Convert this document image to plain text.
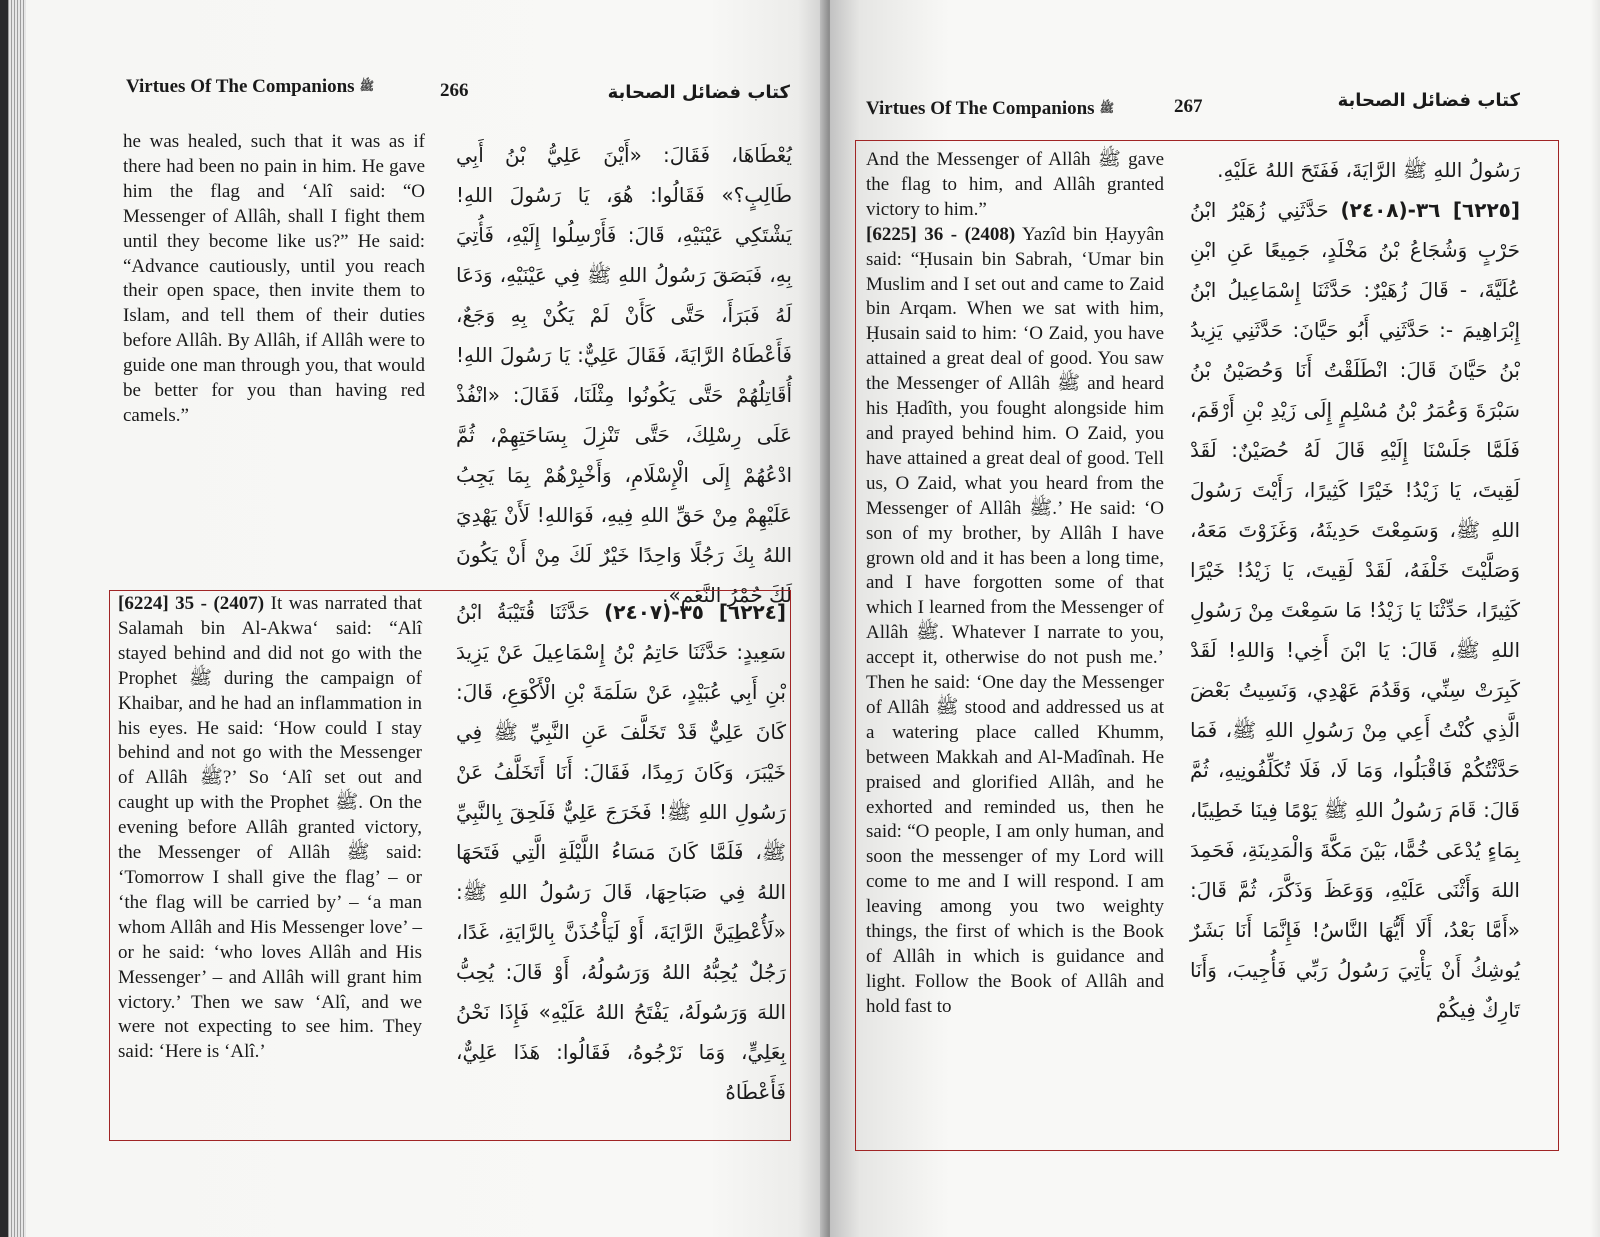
Virtues Of The Companions ﷺ	266	كتاب فضائل الصحابة

he was healed, such that it was as if there had been no pain in him. He gave him the flag and ‘Alî said: “O Messenger of Allâh, shall I fight them until they become like us?” He said: “Advance cautiously, until you reach their open space, then invite them to Islam, and tell them of their duties before Allâh. By Allâh, if Allâh were to guide one man through you, that would be better for you than having red camels.”

يُعْطَاهَا، فَقَالَ: «أَيْنَ عَلِيُّ بْنُ أَبِي طَالِبٍ؟» فَقَالُوا: هُوَ، يَا رَسُولَ اللهِ! يَشْتَكِي عَيْنَيْهِ، قَالَ: فَأَرْسِلُوا إِلَيْهِ، فَأُتِيَ بِهِ، فَبَصَقَ رَسُولُ اللهِ ﷺ فِي عَيْنَيْهِ، وَدَعَا لَهُ فَبَرَأَ، حَتَّى كَأَنْ لَمْ يَكُنْ بِهِ وَجَعٌ، فَأَعْطَاهُ الرَّايَةَ، فَقَالَ عَلِيٌّ: يَا رَسُولَ اللهِ! أُقَاتِلُهُمْ حَتَّى يَكُونُوا مِثْلَنَا، فَقَالَ: «انْفُذْ عَلَى رِسْلِكَ، حَتَّى تَنْزِلَ بِسَاحَتِهِمْ، ثُمَّ ادْعُهُمْ إِلَى الْإِسْلَامِ، وَأَخْبِرْهُمْ بِمَا يَجِبُ عَلَيْهِمْ مِنْ حَقِّ اللهِ فِيهِ، فَوَاللهِ! لَأَنْ يَهْدِيَ اللهُ بِكَ رَجُلًا وَاحِدًا خَيْرٌ لَكَ مِنْ أَنْ يَكُونَ لَكَ حُمْرُ النَّعَمِ».

[6224] 35 - (2407) It was narrated that Salamah bin Al-Akwa‘ said: “Alî stayed behind and did not go with the Prophet ﷺ during the campaign of Khaibar, and he had an inflammation in his eyes. He said: ‘How could I stay behind and not go with the Messenger of Allâh ﷺ?’ So ‘Alî set out and caught up with the Prophet ﷺ. On the evening before Allâh granted victory, the Messenger of Allâh ﷺ said: ‘Tomorrow I shall give the flag’ – or ‘the flag will be carried by’ – ‘a man whom Allâh and His Messenger love’ – or he said: ‘who loves Allâh and His Messenger’ – and Allâh will grant him victory.’ Then we saw ‘Alî, and we were not expecting to see him. They said: ‘Here is ‘Alî.’

[٦٢٢٤] ٣٥-(٢٤٠٧) حَدَّثَنَا قُتَيْبَةُ ابْنُ سَعِيدٍ: حَدَّثَنَا حَاتِمُ بْنُ إِسْمَاعِيلَ عَنْ يَزِيدَ بْنِ أَبِي عُبَيْدٍ، عَنْ سَلَمَةَ بْنِ الْأَكْوَعِ، قَالَ: كَانَ عَلِيٌّ قَدْ تَخَلَّفَ عَنِ النَّبِيِّ ﷺ فِي خَيْبَرَ، وَكَانَ رَمِدًا، فَقَالَ: أَنَا أَتَخَلَّفُ عَنْ رَسُولِ اللهِ ﷺ! فَخَرَجَ عَلِيٌّ فَلَحِقَ بِالنَّبِيِّ ﷺ، فَلَمَّا كَانَ مَسَاءُ اللَّيْلَةِ الَّتِي فَتَحَهَا اللهُ فِي صَبَاحِهَا، قَالَ رَسُولُ اللهِ ﷺ: «لَأُعْطِيَنَّ الرَّايَةَ، أَوْ لَيَأْخُذَنَّ بِالرَّايَةِ، غَدًا، رَجُلٌ يُحِبُّهُ اللهُ وَرَسُولُهُ، أَوْ قَالَ: يُحِبُّ اللهَ وَرَسُولَهُ، يَفْتَحُ اللهُ عَلَيْهِ» فَإِذَا نَحْنُ بِعَلِيٍّ، وَمَا نَرْجُوهُ، فَقَالُوا: هَذَا عَلِيٌّ، فَأَعْطَاهُ

Virtues Of The Companions ﷺ	267	كتاب فضائل الصحابة

And the Messenger of Allâh ﷺ gave the flag to him, and Allâh granted victory to him.”

[6225] 36 - (2408) Yazîd bin Ḥayyân said: “Ḥusain bin Sabrah, ‘Umar bin Muslim and I set out and came to Zaid bin Arqam. When we sat with him, Ḥusain said to him: ‘O Zaid, you have attained a great deal of good. You saw the Messenger of Allâh ﷺ and heard his Ḥadîth, you fought alongside him and prayed behind him. O Zaid, you have attained a great deal of good. Tell us, O Zaid, what you heard from the Messenger of Allâh ﷺ.’ He said: ‘O son of my brother, by Allâh I have grown old and it has been a long time, and I have forgotten some of that which I learned from the Messenger of Allâh ﷺ. Whatever I narrate to you, accept it, otherwise do not push me.’ Then he said: ‘One day the Messenger of Allâh ﷺ stood and addressed us at a watering place called Khumm, between Makkah and Al-Madînah. He praised and glorified Allâh, and he exhorted and reminded us, then he said: “O people, I am only human, and soon the messenger of my Lord will come to me and I will respond. I am leaving among you two weighty things, the first of which is the Book of Allâh in which is guidance and light. Follow the Book of Allâh and hold fast to

رَسُولُ اللهِ ﷺ الرَّايَةَ، فَفَتَحَ اللهُ عَلَيْهِ.

[٦٢٢٥] ٣٦-(٢٤٠٨) حَدَّثَنِي زُهَيْرُ ابْنُ حَرْبٍ وَشُجَاعُ بْنُ مَخْلَدٍ، جَمِيعًا عَنِ ابْنِ عُلَيَّةَ، - قَالَ زُهَيْرٌ: حَدَّثَنَا إِسْمَاعِيلُ ابْنُ إِبْرَاهِيمَ -: حَدَّثَنِي أَبُو حَيَّانَ: حَدَّثَنِي يَزِيدُ بْنُ حَيَّانَ قَالَ: انْطَلَقْتُ أَنَا وَحُصَيْنُ بْنُ سَبْرَةَ وَعُمَرُ بْنُ مُسْلِمٍ إِلَى زَيْدِ بْنِ أَرْقَمَ، فَلَمَّا جَلَسْنَا إِلَيْهِ قَالَ لَهُ حُصَيْنٌ: لَقَدْ لَقِيتَ، يَا زَيْدُ! خَيْرًا كَثِيرًا، رَأَيْتَ رَسُولَ اللهِ ﷺ، وَسَمِعْتَ حَدِيثَهُ، وَغَزَوْتَ مَعَهُ، وَصَلَّيْتَ خَلْفَهُ، لَقَدْ لَقِيتَ، يَا زَيْدُ! خَيْرًا كَثِيرًا، حَدِّثْنَا يَا زَيْدُ! مَا سَمِعْتَ مِنْ رَسُولِ اللهِ ﷺ، قَالَ: يَا ابْنَ أَخِي! وَاللهِ! لَقَدْ كَبِرَتْ سِنِّي، وَقَدُمَ عَهْدِي، وَنَسِيتُ بَعْضَ الَّذِي كُنْتُ أَعِي مِنْ رَسُولِ اللهِ ﷺ، فَمَا حَدَّثْتُكُمْ فَاقْبَلُوا، وَمَا لَا، فَلَا تُكَلِّفُونِيهِ، ثُمَّ قَالَ: قَامَ رَسُولُ اللهِ ﷺ يَوْمًا فِينَا خَطِيبًا، بِمَاءٍ يُدْعَى خُمًّا، بَيْنَ مَكَّةَ وَالْمَدِينَةِ، فَحَمِدَ اللهَ وَأَثْنَى عَلَيْهِ، وَوَعَظَ وَذَكَّرَ، ثُمَّ قَالَ: «أَمَّا بَعْدُ، أَلَا أَيُّهَا النَّاسُ! فَإِنَّمَا أَنَا بَشَرٌ يُوشِكُ أَنْ يَأْتِيَ رَسُولُ رَبِّي فَأُجِيبَ، وَأَنَا تَارِكٌ فِيكُمْ
